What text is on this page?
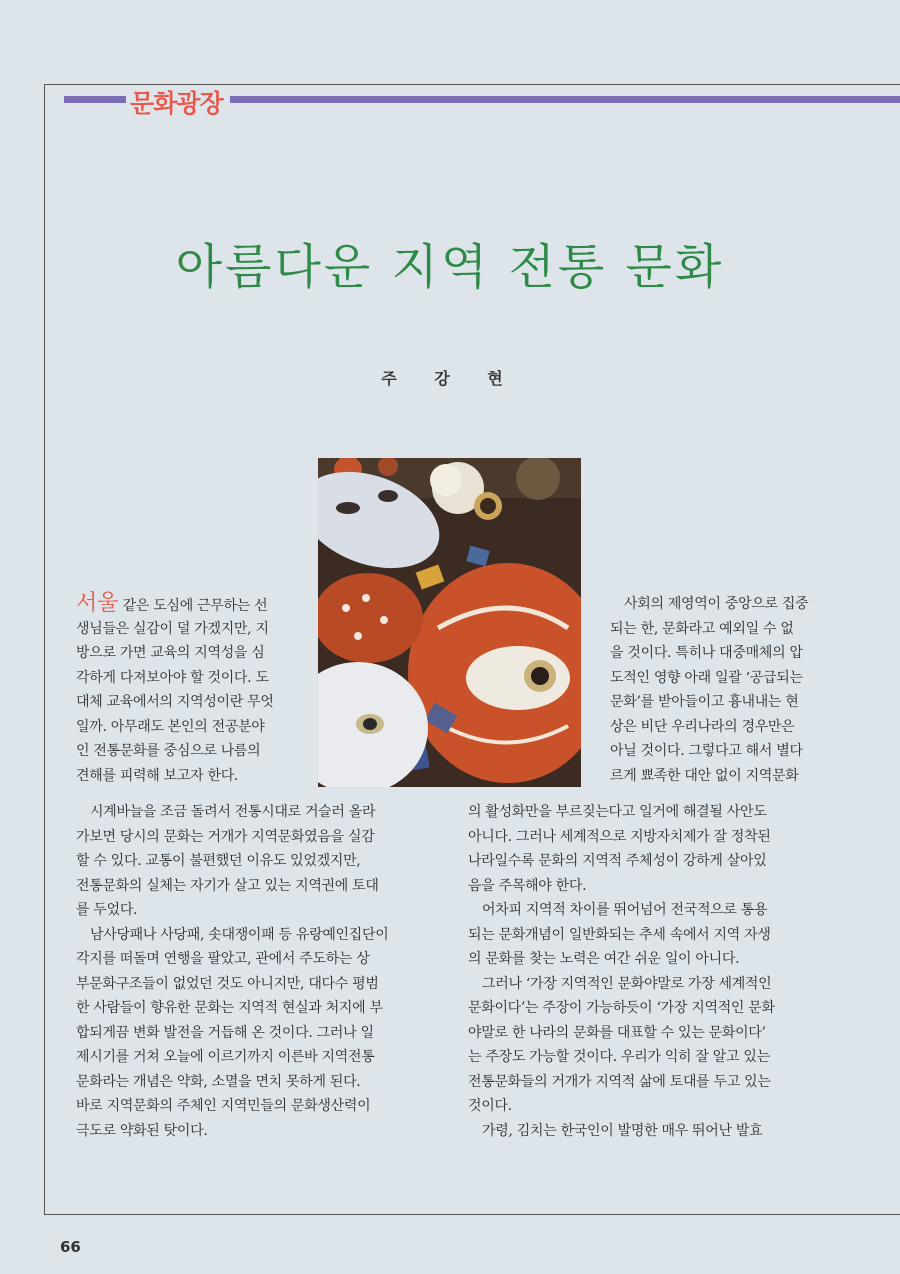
문화광장
아름다운 지역 전통 문화
주 강 현
서울 같은 도심에 근무하는 선
생님들은 실감이 덜 가겠지만, 지
방으로 가면 교육의 지역성을 심
각하게 다져보아야 할 것이다. 도
대체 교육에서의 지역성이란 무엇
일까. 아무래도 본인의 전공분야
인 전통문화를 중심으로 나름의
견해를 피력해 보고자 한다.
시계바늘을 조금 돌려서 전통시대로 거슬러 올라
가보면 당시의 문화는 거개가 지역문화였음을 실감
할 수 있다. 교통이 불편했던 이유도 있었겠지만,
전통문화의 실체는 자기가 살고 있는 지역권에 토대
를 두었다.
남사당패나 사당패, 솟대쟁이패 등 유랑예인집단이
각지를 떠돌며 연행을 팔았고, 관에서 주도하는 상
부문화구조들이 없었던 것도 아니지만, 대다수 평범
한 사람들이 향유한 문화는 지역적 현실과 처지에 부
합되게끔 변화 발전을 거듭해 온 것이다. 그러나 일
제시기를 거쳐 오늘에 이르기까지 이른바 지역전통
문화라는 개념은 약화, 소멸을 면치 못하게 된다.
바로 지역문화의 주체인 지역민들의 문화생산력이
극도로 약화된 탓이다.
사회의 제영역이 중앙으로 집중
되는 한, 문화라고 예외일 수 없
을 것이다. 특히나 대중매체의 압
도적인 영향 아래 일괄 ‘공급되는
문화’를 받아들이고 흉내내는 현
상은 비단 우리나라의 경우만은
아닐 것이다. 그렇다고 해서 별다
르게 뾰족한 대안 없이 지역문화
의 활성화만을 부르짖는다고 일거에 해결될 사안도
아니다. 그러나 세계적으로 지방자치제가 잘 정착된
나라일수록 문화의 지역적 주체성이 강하게 살아있
음을 주목해야 한다.
어차피 지역적 차이를 뛰어넘어 전국적으로 통용
되는 문화개념이 일반화되는 추세 속에서 지역 자생
의 문화를 찾는 노력은 여간 쉬운 일이 아니다.
그러나 ‘가장 지역적인 문화야말로 가장 세계적인
문화이다’는 주장이 가능하듯이 ‘가장 지역적인 문화
야말로 한 나라의 문화를 대표할 수 있는 문화이다’
는 주장도 가능할 것이다. 우리가 익히 잘 알고 있는
전통문화들의 거개가 지역적 삶에 토대를 두고 있는
것이다.
가령, 김치는 한국인이 발명한 매우 뛰어난 발효
66
